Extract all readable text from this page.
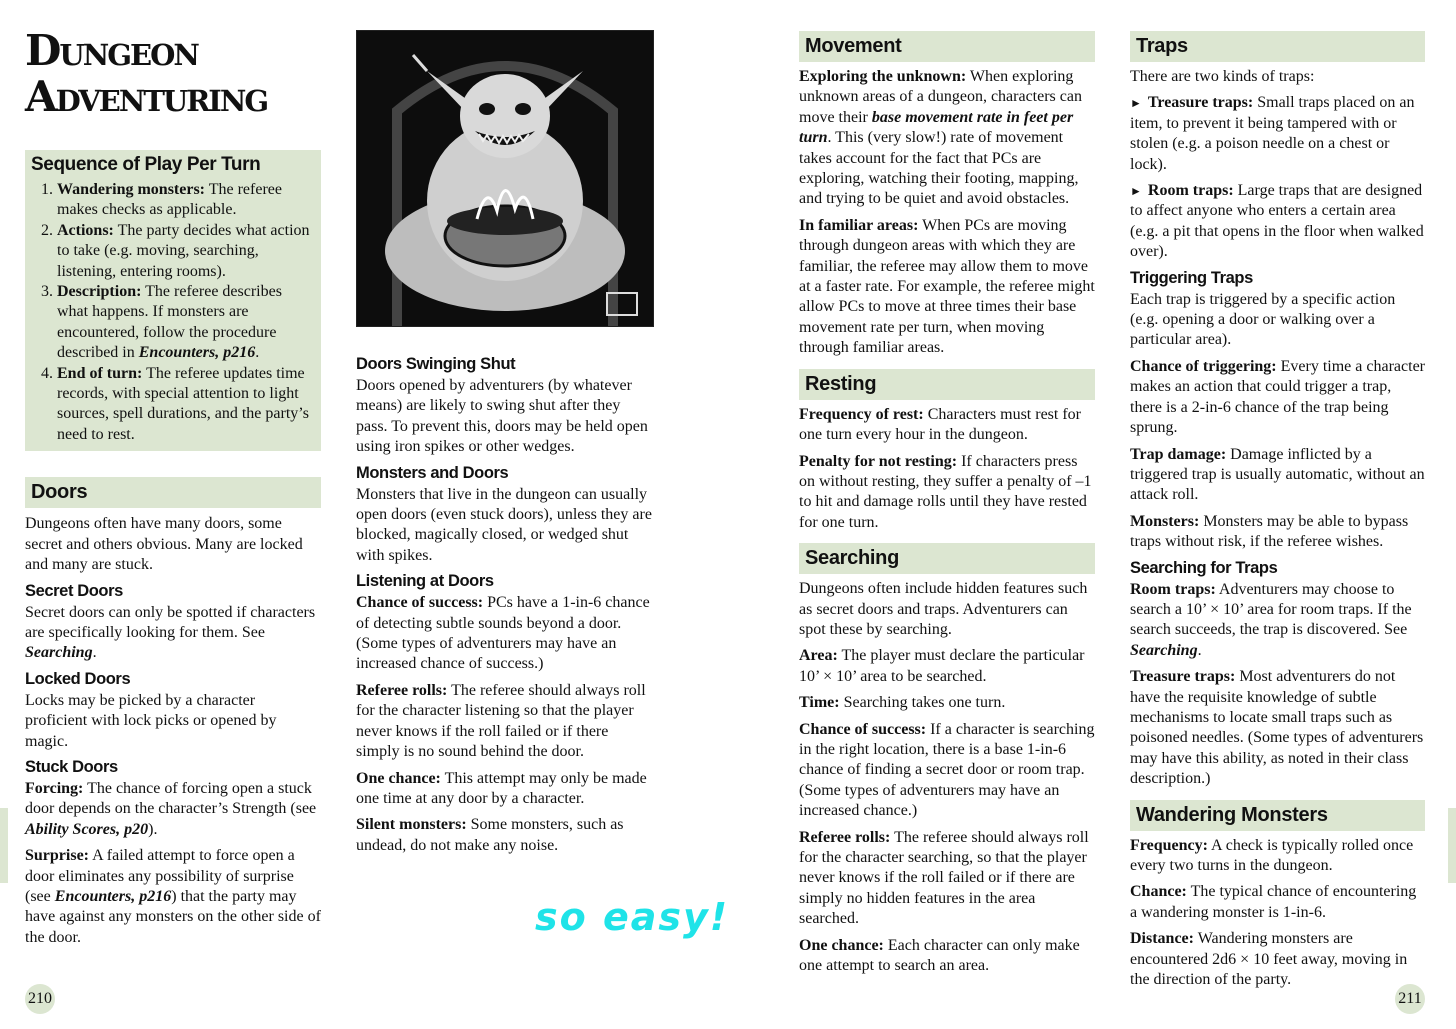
Dungeon
Adventuring
Sequence of Play Per Turn
1. Wandering monsters: The referee makes checks as applicable.
2. Actions: The party decides what action to take (e.g. moving, searching, listening, entering rooms).
3. Description: The referee describes what happens. If monsters are encountered, follow the procedure described in Encounters, p216.
4. End of turn: The referee updates time records, with special attention to light sources, spell durations, and the party’s need to rest.
Doors

Dungeons often have many doors, some secret and others obvious. Many are locked and many are stuck.

Secret Doors

Secret doors can only be spotted if characters are specifically looking for them. See Searching.

Locked Doors

Locks may be picked by a character proficient with lock picks or opened by magic.

Stuck Doors

Forcing: The chance of forcing open a stuck door depends on the character’s Strength (see Ability Scores, p20).

Surprise: A failed attempt to force open a door eliminates any possibility of surprise (see Encounters, p216) that the party may have against any monsters on the other side of the door.

Doors Swinging Shut

Doors opened by adventurers (by whatever means) are likely to swing shut after they pass. To prevent this, doors may be held open using iron spikes or other wedges.

Monsters and Doors

Monsters that live in the dungeon can usually open doors (even stuck doors), unless they are blocked, magically closed, or wedged shut with spikes.

Listening at Doors

Chance of success: PCs have a 1-in-6 chance of detecting subtle sounds beyond a door. (Some types of adventurers may have an increased chance of success.)

Referee rolls: The referee should always roll for the character listening so that the player never knows if the roll failed or if there simply is no sound behind the door.

One chance: This attempt may only be made one time at any door by a character.

Silent monsters: Some monsters, such as undead, do not make any noise.

so easy!
210
Movement

Exploring the unknown: When exploring unknown areas of a dungeon, characters can move their base movement rate in feet per turn. This (very slow!) rate of movement takes account for the fact that PCs are exploring, watching their footing, mapping, and trying to be quiet and avoid obstacles.

In familiar areas: When PCs are moving through dungeon areas with which they are familiar, the referee may allow them to move at a faster rate. For example, the referee might allow PCs to move at three times their base movement rate per turn, when moving through familiar areas.

Resting

Frequency of rest: Characters must rest for one turn every hour in the dungeon.

Penalty for not resting: If characters press on without resting, they suffer a penalty of –1 to hit and damage rolls until they have rested for one turn.

Searching

Dungeons often include hidden features such as secret doors and traps. Adventurers can spot these by searching.

Area: The player must declare the particular 10’ × 10’ area to be searched.

Time: Searching takes one turn.

Chance of success: If a character is searching in the right location, there is a base 1-in-6 chance of finding a secret door or room trap. (Some types of adventurers may have an increased chance.)

Referee rolls: The referee should always roll for the character searching, so that the player never knows if the roll failed or if there are simply no hidden features in the area searched.

One chance: Each character can only make one attempt to search an area.

Traps

There are two kinds of traps:

► Treasure traps: Small traps placed on an item, to prevent it being tampered with or stolen (e.g. a poison needle on a chest or lock).

► Room traps: Large traps that are designed to affect anyone who enters a certain area (e.g. a pit that opens in the floor when walked over).

Triggering Traps

Each trap is triggered by a specific action (e.g. opening a door or walking over a particular area).

Chance of triggering: Every time a character makes an action that could trigger a trap, there is a 2-in-6 chance of the trap being sprung.

Trap damage: Damage inflicted by a triggered trap is usually automatic, without an attack roll.

Monsters: Monsters may be able to bypass traps without risk, if the referee wishes.

Searching for Traps

Room traps: Adventurers may choose to search a 10’ × 10’ area for room traps. If the search succeeds, the trap is discovered. See Searching.

Treasure traps: Most adventurers do not have the requisite knowledge of subtle mechanisms to locate small traps such as poisoned needles. (Some types of adventurers may have this ability, as noted in their class description.)

Wandering Monsters

Frequency: A check is typically rolled once every two turns in the dungeon.

Chance: The typical chance of encountering a wandering monster is 1-in-6.

Distance: Wandering monsters are encountered 2d6 × 10 feet away, moving in the direction of the party.

211
